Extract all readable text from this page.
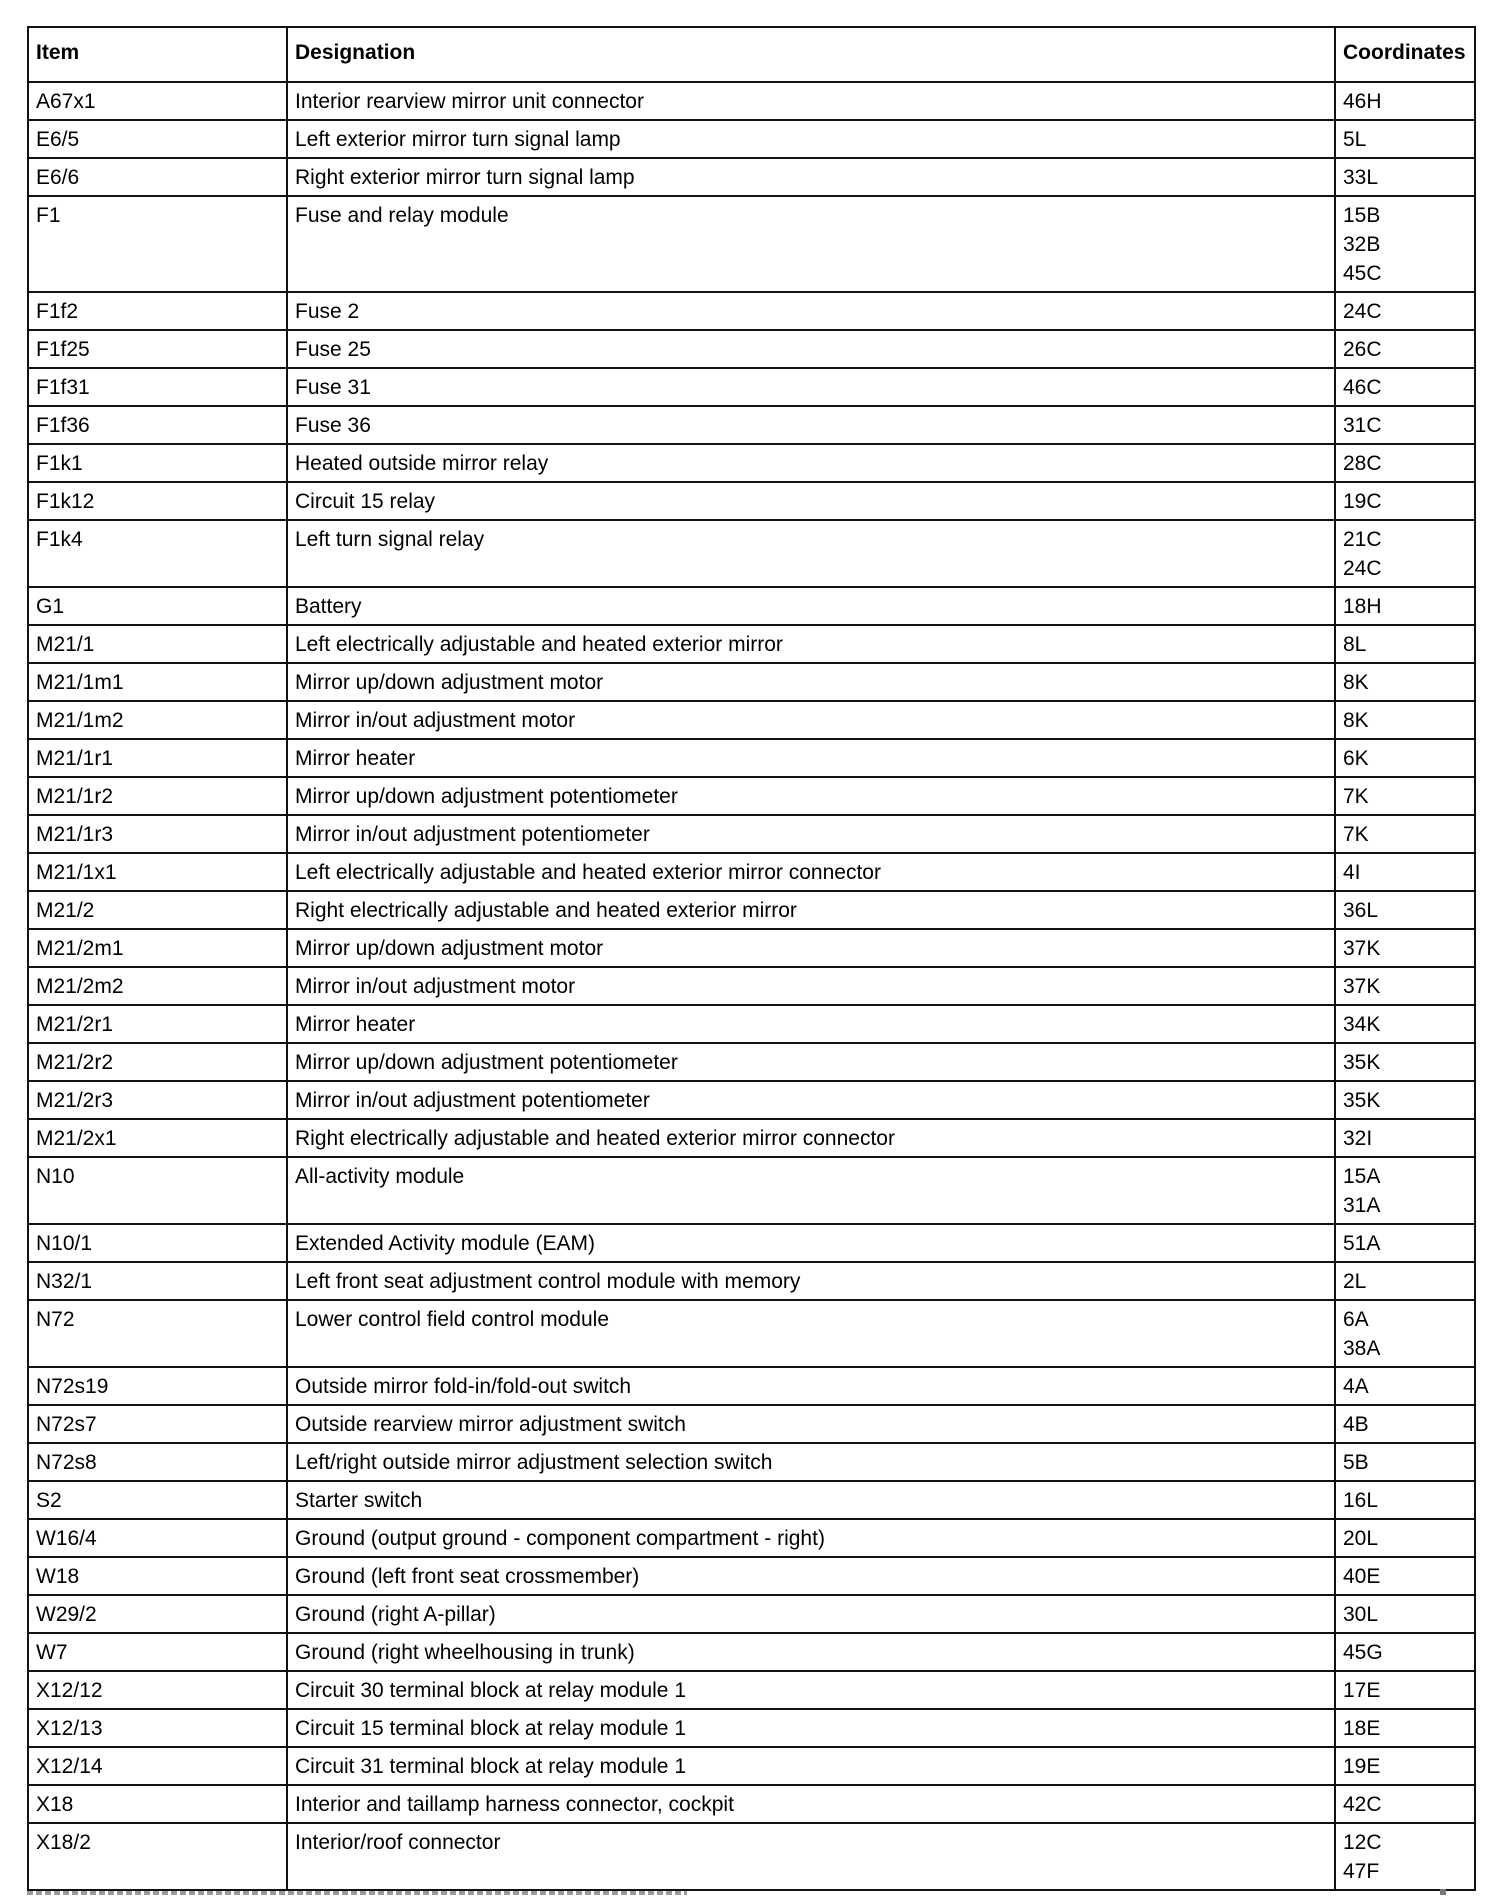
Item	Designation	Coordinates
A67x1	Interior rearview mirror unit connector	46H

E6/5	Left exterior mirror turn signal lamp	5L

E6/6	Right exterior mirror turn signal lamp	33L

F1	Fuse and relay module	15B
32B
45C

F1f2	Fuse 2	24C

F1f25	Fuse 25	26C

F1f31	Fuse 31	46C

F1f36	Fuse 36	31C

F1k1	Heated outside mirror relay	28C

F1k12	Circuit 15 relay	19C

F1k4	Left turn signal relay	21C
24C

G1	Battery	18H

M21/1	Left electrically adjustable and heated exterior mirror	8L

M21/1m1	Mirror up/down adjustment motor	8K

M21/1m2	Mirror in/out adjustment motor	8K

M21/1r1	Mirror heater	6K

M21/1r2	Mirror up/down adjustment potentiometer	7K

M21/1r3	Mirror in/out adjustment potentiometer	7K

M21/1x1	Left electrically adjustable and heated exterior mirror connector	4I

M21/2	Right electrically adjustable and heated exterior mirror	36L

M21/2m1	Mirror up/down adjustment motor	37K

M21/2m2	Mirror in/out adjustment motor	37K

M21/2r1	Mirror heater	34K

M21/2r2	Mirror up/down adjustment potentiometer	35K

M21/2r3	Mirror in/out adjustment potentiometer	35K

M21/2x1	Right electrically adjustable and heated exterior mirror connector	32I

N10	All-activity module	15A
31A

N10/1	Extended Activity module (EAM)	51A

N32/1	Left front seat adjustment control module with memory	2L

N72	Lower control field control module	6A
38A

N72s19	Outside mirror fold-in/fold-out switch	4A

N72s7	Outside rearview mirror adjustment switch	4B

N72s8	Left/right outside mirror adjustment selection switch	5B

S2	Starter switch	16L

W16/4	Ground (output ground - component compartment - right)	20L

W18	Ground (left front seat crossmember)	40E

W29/2	Ground (right A-pillar)	30L

W7	Ground (right wheelhousing in trunk)	45G

X12/12	Circuit 30 terminal block at relay module 1	17E

X12/13	Circuit 15 terminal block at relay module 1	18E

X12/14	Circuit 31 terminal block at relay module 1	19E

X18	Interior and taillamp harness connector, cockpit	42C

X18/2	Interior/roof connector	12C
47F
